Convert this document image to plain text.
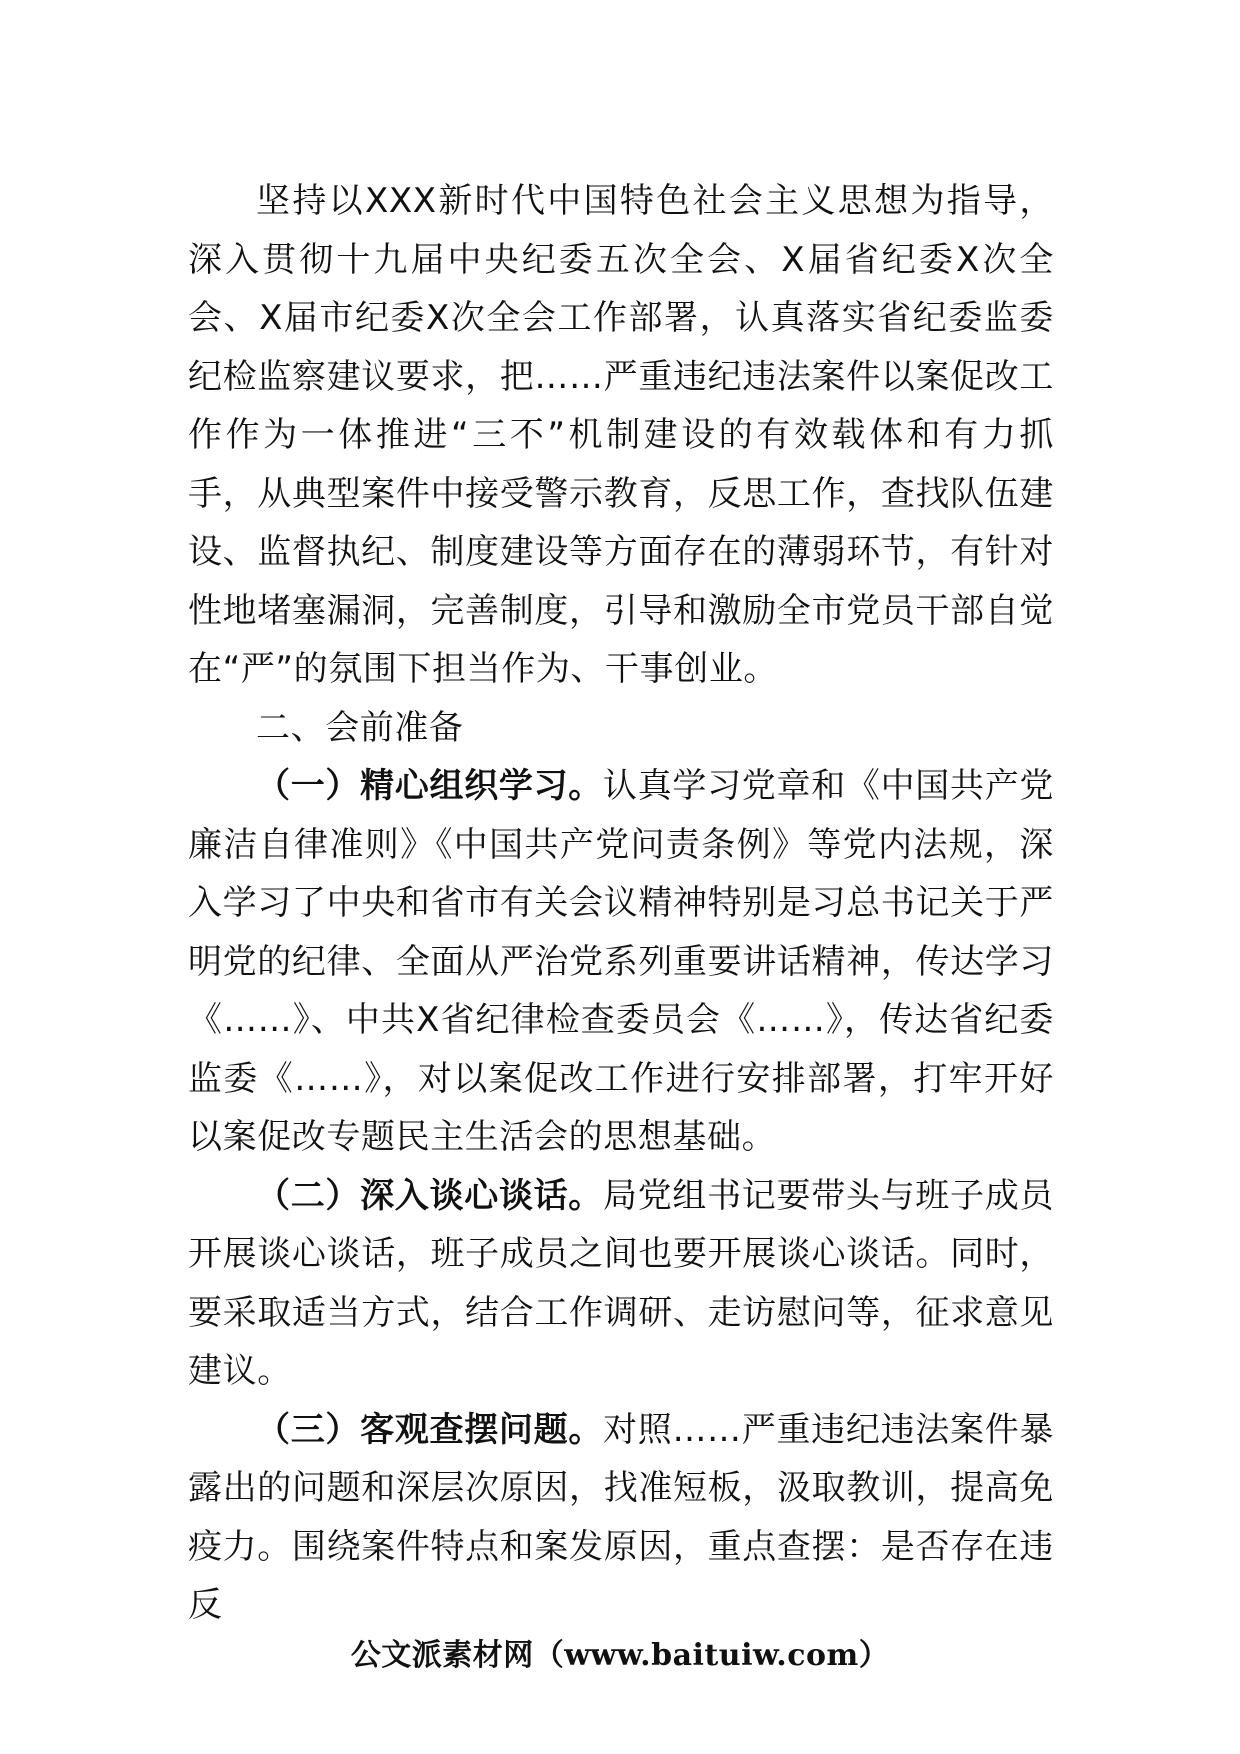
坚持以XXX新时代中国特色社会主义思想为指导，深入贯彻十九届中央纪委五次全会、X届省纪委X次全会、X届市纪委X次全会工作部署，认真落实省纪委监委纪检监察建议要求，把……严重违纪违法案件以案促改工作作为一体推进“三不”机制建设的有效载体和有力抓手，从典型案件中接受警示教育，反思工作，查找队伍建设、监督执纪、制度建设等方面存在的薄弱环节，有针对性地堵塞漏洞，完善制度，引导和激励全市党员干部自觉在“严”的氛围下担当作为、干事创业。

二、会前准备

（一）精心组织学习。认真学习党章和《中国共产党廉洁自律准则》《中国共产党问责条例》等党内法规，深入学习了中央和省市有关会议精神特别是习总书记关于严明党的纪律、全面从严治党系列重要讲话精神，传达学习《……》、中共X省纪律检查委员会《……》，传达省纪委监委《……》，对以案促改工作进行安排部署，打牢开好以案促改专题民主生活会的思想基础。

（二）深入谈心谈话。局党组书记要带头与班子成员开展谈心谈话，班子成员之间也要开展谈心谈话。同时，要采取适当方式，结合工作调研、走访慰问等，征求意见建议。

（三）客观查摆问题。对照……严重违纪违法案件暴露出的问题和深层次原因，找准短板，汲取教训，提高免疫力。围绕案件特点和案发原因，重点查摆：是否存在违反

公文派素材网（www.baituiw.com）
